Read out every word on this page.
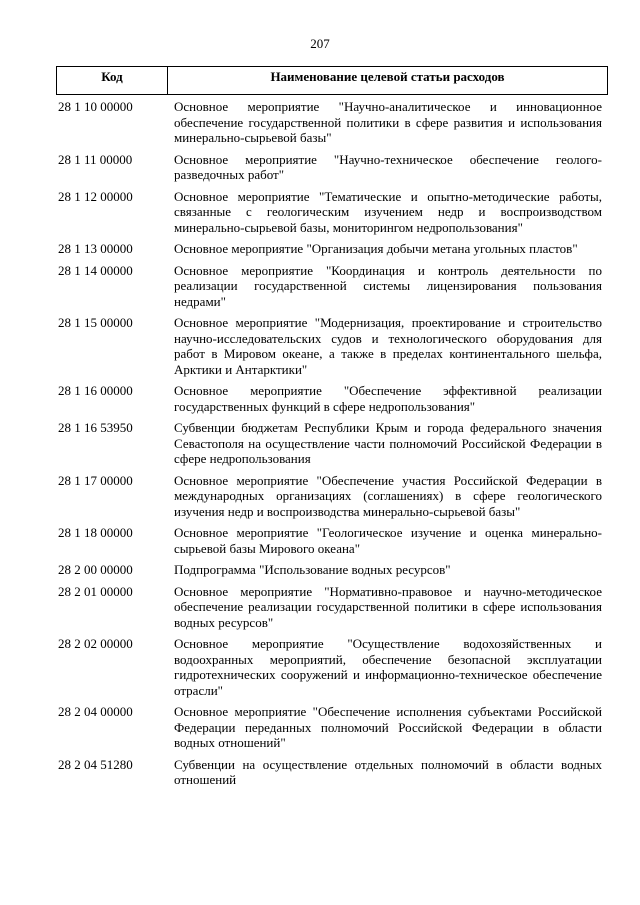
207
Код	Наименование целевой статьи расходов
28 1 10 00000	Основное мероприятие "Научно-аналитическое и инновационное обеспечение государственной политики в сфере развития и использования минерально-сырьевой базы"
28 1 11 00000	Основное мероприятие "Научно-техническое обеспечение геолого-разведочных работ"
28 1 12 00000	Основное мероприятие "Тематические и опытно-методические работы, связанные с геологическим изучением недр и воспроизводством минерально-сырьевой базы, мониторингом недропользования"
28 1 13 00000	Основное мероприятие "Организация добычи метана угольных пластов"
28 1 14 00000	Основное мероприятие "Координация и контроль деятельности по реализации государственной системы лицензирования пользования недрами"
28 1 15 00000	Основное мероприятие "Модернизация, проектирование и строительство научно-исследовательских судов и технологического оборудования для работ в Мировом океане, а также в пределах континентального шельфа, Арктики и Антарктики"
28 1 16 00000	Основное мероприятие "Обеспечение эффективной реализации государственных функций в сфере недропользования"
28 1 16 53950	Субвенции бюджетам Республики Крым и города федерального значения Севастополя на осуществление части полномочий Российской Федерации в сфере недропользования
28 1 17 00000	Основное мероприятие "Обеспечение участия Российской Федерации в международных организациях (соглашениях) в сфере геологического изучения недр и воспроизводства минерально-сырьевой базы"
28 1 18 00000	Основное мероприятие "Геологическое изучение и оценка минерально-сырьевой базы Мирового океана"
28 2 00 00000	Подпрограмма "Использование водных ресурсов"
28 2 01 00000	Основное мероприятие "Нормативно-правовое и научно-методическое обеспечение реализации государственной политики в сфере использования водных ресурсов"
28 2 02 00000	Основное мероприятие "Осуществление водохозяйственных и водоохранных мероприятий, обеспечение безопасной эксплуатации гидротехнических сооружений и информационно-техническое обеспечение отрасли"
28 2 04 00000	Основное мероприятие "Обеспечение исполнения субъектами Российской Федерации переданных полномочий Российской Федерации в области водных отношений"
28 2 04 51280	Субвенции на осуществление отдельных полномочий в области водных отношений
